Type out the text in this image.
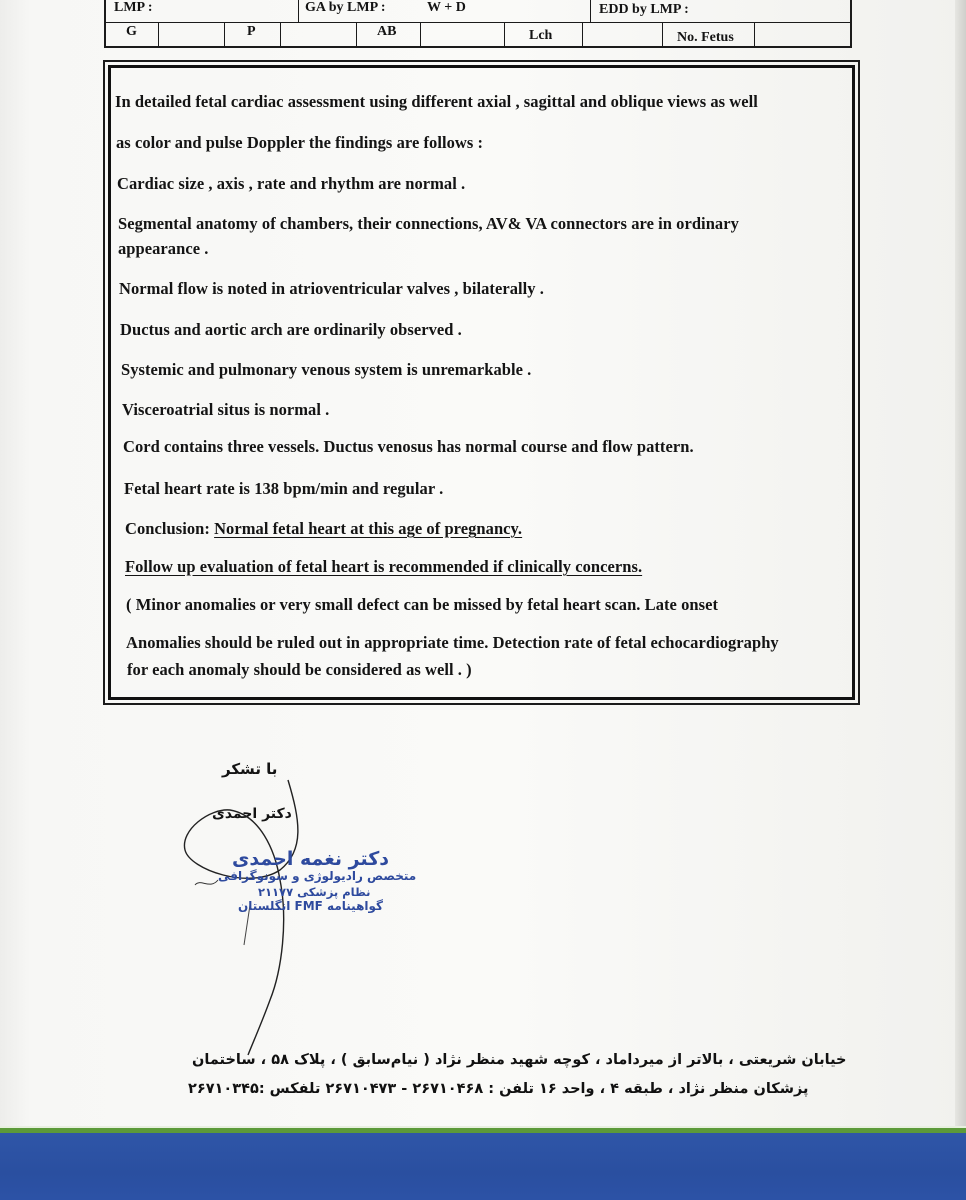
LMP :	GA by LMP :	W + D	EDD by LMP :
G	P	AB	Lch	No. Fetus
In detailed fetal cardiac assessment using different axial , sagittal and oblique views as well
as color and pulse Doppler the findings are follows :
Cardiac size , axis , rate and rhythm are normal .
Segmental anatomy of chambers, their connections, AV& VA connectors are in ordinary
appearance .
Normal flow is noted in atrioventricular valves , bilaterally .
Ductus and aortic arch are ordinarily observed .
Systemic and pulmonary venous system is unremarkable .
Visceroatrial situs is normal .
Cord contains three vessels. Ductus venosus has normal course and flow pattern.
Fetal heart rate is 138 bpm/min and regular .
Conclusion: Normal fetal heart at this age of pregnancy.
Follow up evaluation of fetal heart is recommended if clinically concerns.
( Minor anomalies or very small defect can be missed by fetal heart scan. Late onset
Anomalies should be ruled out in appropriate time. Detection rate of fetal echocardiography
for each anomaly should be considered as well . )
با تشکر
دکتر احمدی
دکتر نغمه احمدی
متخصص رادیولوژی و سونوگرافی
نظام پزشکی ۲۱۱۷۷
گواهینامه FMF انگلستان
خیابان شریعتی ، بالاتر از میرداماد ، کوچه شهید منظر نژاد ( نیام‌سابق ) ، پلاک ۵۸ ، ساختمان
پزشکان منظر نژاد ، طبقه ۴ ، واحد ۱۶ تلفن : ۲۶۷۱۰۴۶۸ - ۲۶۷۱۰۴۷۳ تلفکس :۲۶۷۱۰۳۴۵
